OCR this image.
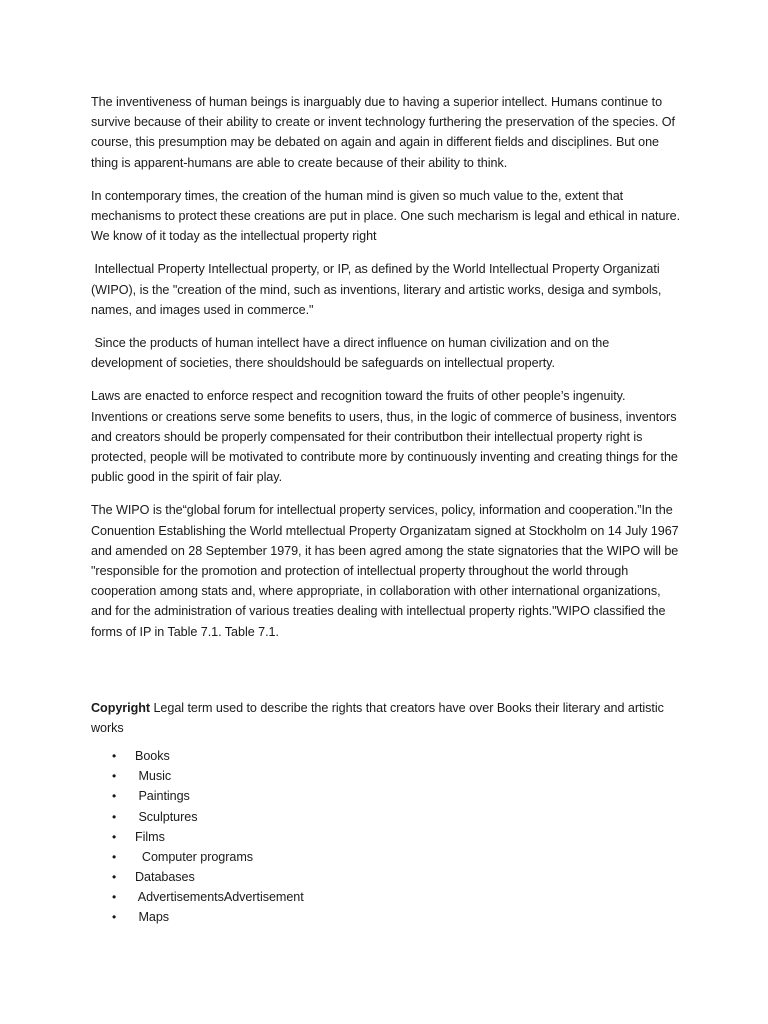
The inventiveness of human beings is inarguably due to having a superior intellect. Humans continue to survive because of their ability to create or invent technology furthering the preservation of the species. Of course, this presumption may be debated on again and again in different fields and disciplines. But one thing is apparent-humans are able to create because of their ability to think.

In contemporary times, the creation of the human mind is given so much value to the, extent that mechanisms to protect these creations are put in place. One such mecharism is legal and ethical in nature. We know of it today as the intellectual property right

Intellectual Property Intellectual property, or IP, as defined by the World Intellectual Property Organizati (WIPO), is the "creation of the mind, such as inventions, literary and artistic works, desiga and symbols, names, and images used in commerce."

Since the products of human intellect have a direct influence on human civilization and on the development of societies, there shouldshould be safeguards on intellectual property.

Laws are enacted to enforce respect and recognition toward the fruits of other people’s ingenuity. Inventions or creations serve some benefits to users, thus, in the logic of commerce of business, inventors and creators should be properly compensated for their contributbon their intellectual property right is protected, people will be motivated to contribute more by continuously inventing and creating things for the public good in the spirit of fair play.

The WIPO is the“global forum for intellectual property services, policy, information and cooperation.”In the Conuention Establishing the World mtellectual Property Organizatam signed at Stockholm on 14 July 1967 and amended on 28 September 1979, it has been agred among the state signatories that the WIPO will be "responsible for the promotion and protection of intellectual property throughout the world through cooperation among stats and, where appropriate, in collaboration with other international organizations, and for the administration of various treaties dealing with intellectual property rights."WIPO classified the forms of IP in Table 7.1. Table 7.1.

Copyright Legal term used to describe the rights that creators have over Books their literary and artistic works

• Books
• Music
• Paintings
• Sculptures
• Films
• Computer programs
• Databases
• AdvertisementsAdvertisement
• Maps
